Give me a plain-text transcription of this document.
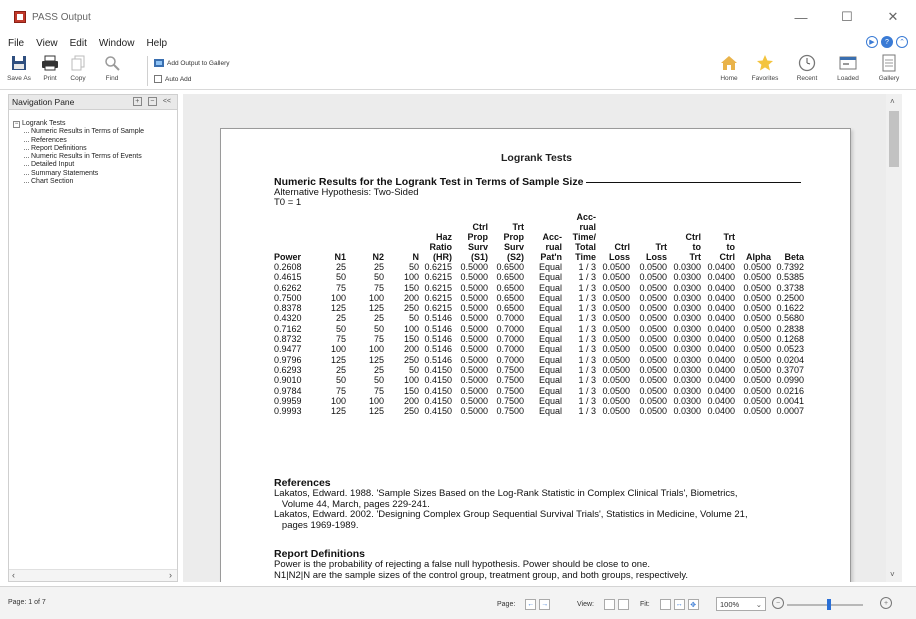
PASS Output	—	☐	✕
File	View	Edit	Window	Help	▶	?	⌃
Save As Print Copy	Find
Add Output to Gallery
Auto Add	Home Favorites	Recent	Loaded	Gallery
Navigation Pane	+	−	<<
− Logrank Tests
Numeric Results in Terms of Sample
References
Report Definitions
Numeric Results in Terms of Events
Detailed Input
Summary Statements
Chart Section
‹	›
Logrank Tests
Numeric Results for the Logrank Test in Terms of Sample Size
Alternative Hypothesis: Two-Sided
T0 = 1
								Acc-						
					Ctrl	Trt		rual						
				Haz	Prop	Prop	Acc-	Time/			Ctrl	Trt		
				Ratio	Surv	Surv	rual	Total	Ctrl	Trt	to	to		
Power	N1	N2	N	(HR)	(S1)	(S2)	Pat'n	Time	Loss	Loss	Trt	Ctrl	Alpha	Beta
0.2608	25	25	50	0.6215	0.5000	0.6500	Equal	1 / 3	0.0500	0.0500	0.0300	0.0400	0.0500	0.7392
0.4615	50	50	100	0.6215	0.5000	0.6500	Equal	1 / 3	0.0500	0.0500	0.0300	0.0400	0.0500	0.5385
0.6262	75	75	150	0.6215	0.5000	0.6500	Equal	1 / 3	0.0500	0.0500	0.0300	0.0400	0.0500	0.3738
0.7500	100	100	200	0.6215	0.5000	0.6500	Equal	1 / 3	0.0500	0.0500	0.0300	0.0400	0.0500	0.2500
0.8378	125	125	250	0.6215	0.5000	0.6500	Equal	1 / 3	0.0500	0.0500	0.0300	0.0400	0.0500	0.1622
0.4320	25	25	50	0.5146	0.5000	0.7000	Equal	1 / 3	0.0500	0.0500	0.0300	0.0400	0.0500	0.5680
0.7162	50	50	100	0.5146	0.5000	0.7000	Equal	1 / 3	0.0500	0.0500	0.0300	0.0400	0.0500	0.2838
0.8732	75	75	150	0.5146	0.5000	0.7000	Equal	1 / 3	0.0500	0.0500	0.0300	0.0400	0.0500	0.1268
0.9477	100	100	200	0.5146	0.5000	0.7000	Equal	1 / 3	0.0500	0.0500	0.0300	0.0400	0.0500	0.0523
0.9796	125	125	250	0.5146	0.5000	0.7000	Equal	1 / 3	0.0500	0.0500	0.0300	0.0400	0.0500	0.0204
0.6293	25	25	50	0.4150	0.5000	0.7500	Equal	1 / 3	0.0500	0.0500	0.0300	0.0400	0.0500	0.3707
0.9010	50	50	100	0.4150	0.5000	0.7500	Equal	1 / 3	0.0500	0.0500	0.0300	0.0400	0.0500	0.0990
0.9784	75	75	150	0.4150	0.5000	0.7500	Equal	1 / 3	0.0500	0.0500	0.0300	0.0400	0.0500	0.0216
0.9959	100	100	200	0.4150	0.5000	0.7500	Equal	1 / 3	0.0500	0.0500	0.0300	0.0400	0.0500	0.0041
0.9993	125	125	250	0.4150	0.5000	0.7500	Equal	1 / 3	0.0500	0.0500	0.0300	0.0400	0.0500	0.0007
References
Lakatos, Edward. 1988. 'Sample Sizes Based on the Log-Rank Statistic in Complex Clinical Trials', Biometrics,
Volume 44, March, pages 229-241.
Lakatos, Edward. 2002. 'Designing Complex Group Sequential Survival Trials', Statistics in Medicine, Volume 21,
pages 1969-1989.
Report Definitions
Power is the probability of rejecting a false null hypothesis. Power should be close to one.
N1|N2|N are the sample sizes of the control group, treatment group, and both groups, respectively.
˄
˅
Page: 1 of 7	Page: ← →	View:	Fit:	↔	✥	100% ⌄	−	+
